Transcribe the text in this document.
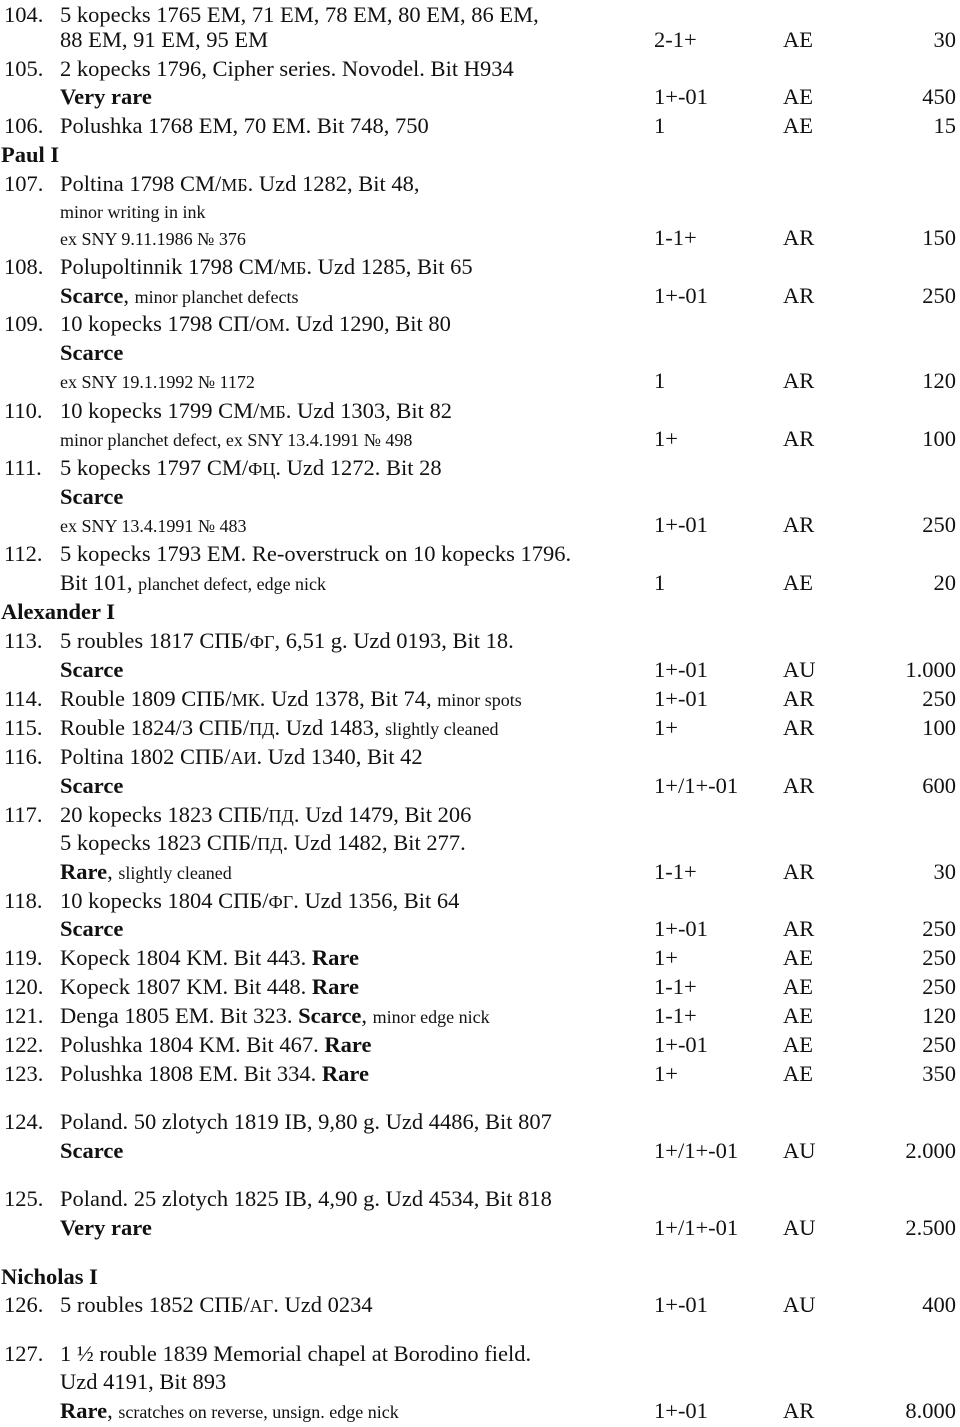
104. 5 kopecks 1765 EM, 71 EM, 78 EM, 80 EM, 86 EM,
88 EM, 91 EM, 95 EM	2-1+	AE	30
105. 2 kopecks 1796, Cipher series. Novodel. Bit H934
Very rare	1+-01	AE	450
106. Polushka 1768 EM, 70 EM. Bit 748, 750	1	AE	15
Paul I
107. Poltina 1798 СМ/МБ. Uzd 1282, Bit 48,
minor writing in ink
ex SNY 9.11.1986 № 376	1-1+	AR	150
108. Polupoltinnik 1798 СМ/МБ. Uzd 1285, Bit 65
Scarce, minor planchet defects	1+-01	AR	250
109. 10 kopecks 1798 СП/ОМ. Uzd 1290, Bit 80
Scarce
ex SNY 19.1.1992 № 1172	1	AR	120
110. 10 kopecks 1799 СМ/МБ. Uzd 1303, Bit 82
minor planchet defect, ex SNY 13.4.1991 № 498	1+	AR	100
111. 5 kopecks 1797 СМ/ФЦ. Uzd 1272. Bit 28
Scarce
ex SNY 13.4.1991 № 483	1+-01	AR	250
112. 5 kopecks 1793 EM. Re-overstruck on 10 kopecks 1796.
Bit 101, planchet defect, edge nick	1	AE	20
Alexander I
113. 5 roubles 1817 СПБ/ФГ, 6,51 g. Uzd 0193, Bit 18.
Scarce	1+-01	AU	1.000
114. Rouble 1809 СПБ/МК. Uzd 1378, Bit 74, minor spots	1+-01	AR	250
115. Rouble 1824/3 СПБ/ПД. Uzd 1483, slightly cleaned	1+	AR	100
116. Poltina 1802 СПБ/АИ. Uzd 1340, Bit 42
Scarce	1+/1+-01 AR	600
117. 20 kopecks 1823 СПБ/ПД. Uzd 1479, Bit 206
5 kopecks 1823 СПБ/ПД. Uzd 1482, Bit 277.
Rare, slightly cleaned	1-1+	AR	30
118. 10 kopecks 1804 СПБ/ФГ. Uzd 1356, Bit 64
Scarce	1+-01	AR	250
119. Kopeck 1804 KM. Bit 443. Rare	1+	AE	250
120. Kopeck 1807 KM. Bit 448. Rare	1-1+	AE	250
121. Denga 1805 EM. Bit 323. Scarce, minor edge nick	1-1+	AE	120
122. Polushka 1804 KM. Bit 467. Rare	1+-01	AE	250
123. Polushka 1808 EM. Bit 334. Rare	1+	AE	350
124. Poland. 50 zlotych 1819 IB, 9,80 g. Uzd 4486, Bit 807
Scarce	1+/1+-01 AU	2.000
125. Poland. 25 zlotych 1825 IB, 4,90 g. Uzd 4534, Bit 818
Very rare	1+/1+-01 AU	2.500
Nicholas I
126. 5 roubles 1852 СПБ/АГ. Uzd 0234	1+-01	AU	400
127. 1 ½ rouble 1839 Memorial chapel at Borodino field.
Uzd 4191, Bit 893
Rare, scratches on reverse, unsign. edge nick	1+-01	AR	8.000
